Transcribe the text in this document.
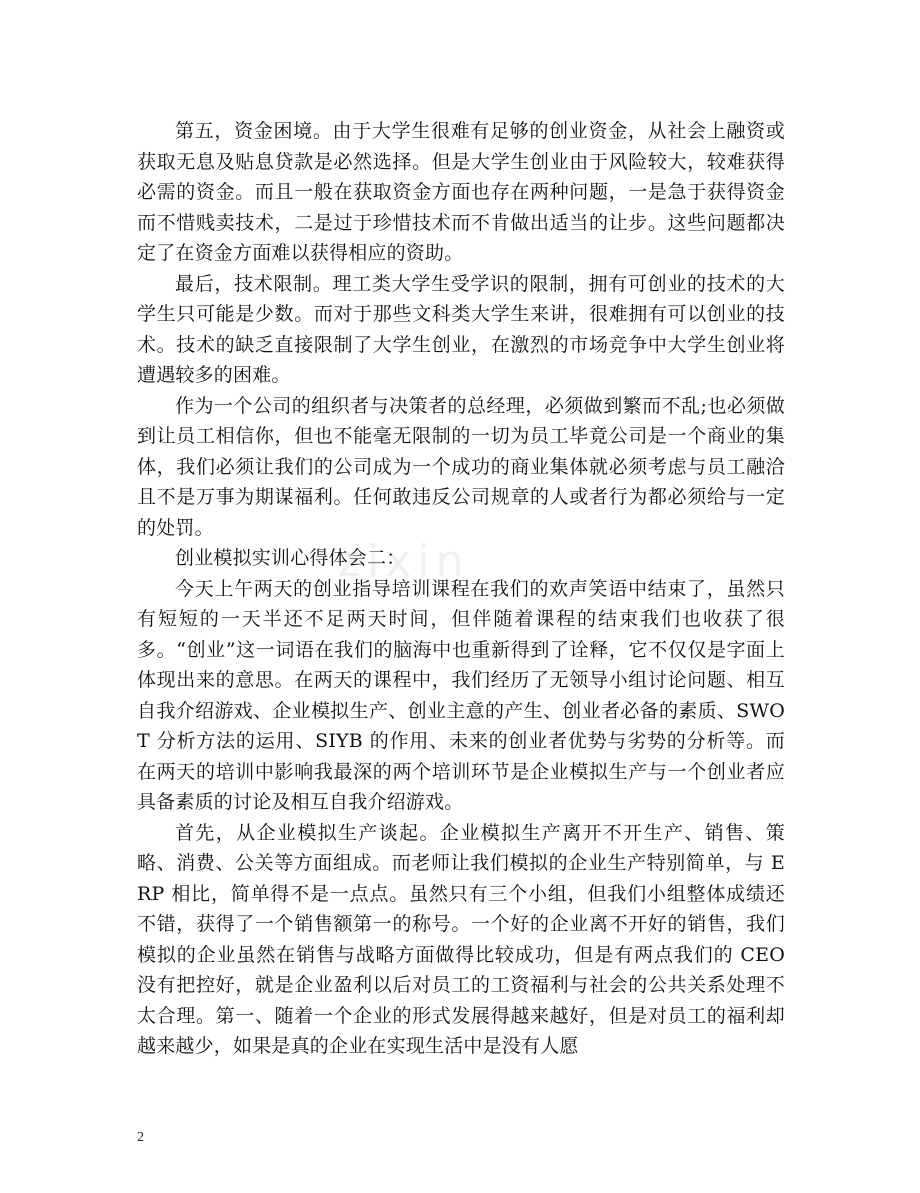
第五，资金困境。由于大学生很难有足够的创业资金，从社会上融资或获取无息及贴息贷款是必然选择。但是大学生创业由于风险较大，较难获得必需的资金。而且一般在获取资金方面也存在两种问题，一是急于获得资金而不惜贱卖技术，二是过于珍惜技术而不肯做出适当的让步。这些问题都决定了在资金方面难以获得相应的资助。

最后，技术限制。理工类大学生受学识的限制，拥有可创业的技术的大学生只可能是少数。而对于那些文科类大学生来讲，很难拥有可以创业的技术。技术的缺乏直接限制了大学生创业，在激烈的市场竞争中大学生创业将遭遇较多的困难。

作为一个公司的组织者与决策者的总经理，必须做到繁而不乱;也必须做到让员工相信你，但也不能毫无限制的一切为员工毕竟公司是一个商业的集体，我们必须让我们的公司成为一个成功的商业集体就必须考虑与员工融洽且不是万事为期谋福利。任何敢违反公司规章的人或者行为都必须给与一定的处罚。

创业模拟实训心得体会二：

今天上午两天的创业指导培训课程在我们的欢声笑语中结束了，虽然只有短短的一天半还不足两天时间，但伴随着课程的结束我们也收获了很多。“创业”这一词语在我们的脑海中也重新得到了诠释，它不仅仅是字面上体现出来的意思。在两天的课程中，我们经历了无领导小组讨论问题、相互自我介绍游戏、企业模拟生产、创业主意的产生、创业者必备的素质、SWOT 分析方法的运用、SIYB 的作用、未来的创业者优势与劣势的分析等。而在两天的培训中影响我最深的两个培训环节是企业模拟生产与一个创业者应具备素质的讨论及相互自我介绍游戏。

首先，从企业模拟生产谈起。企业模拟生产离开不开生产、销售、策略、消费、公关等方面组成。而老师让我们模拟的企业生产特别简单，与 ERP 相比，简单得不是一点点。虽然只有三个小组，但我们小组整体成绩还不错，获得了一个销售额第一的称号。一个好的企业离不开好的销售，我们模拟的企业虽然在销售与战略方面做得比较成功，但是有两点我们的 CEO 没有把控好，就是企业盈利以后对员工的工资福利与社会的公共关系处理不太合理。第一、随着一个企业的形式发展得越来越好，但是对员工的福利却越来越少，如果是真的企业在实现生活中是没有人愿

zixin
2
